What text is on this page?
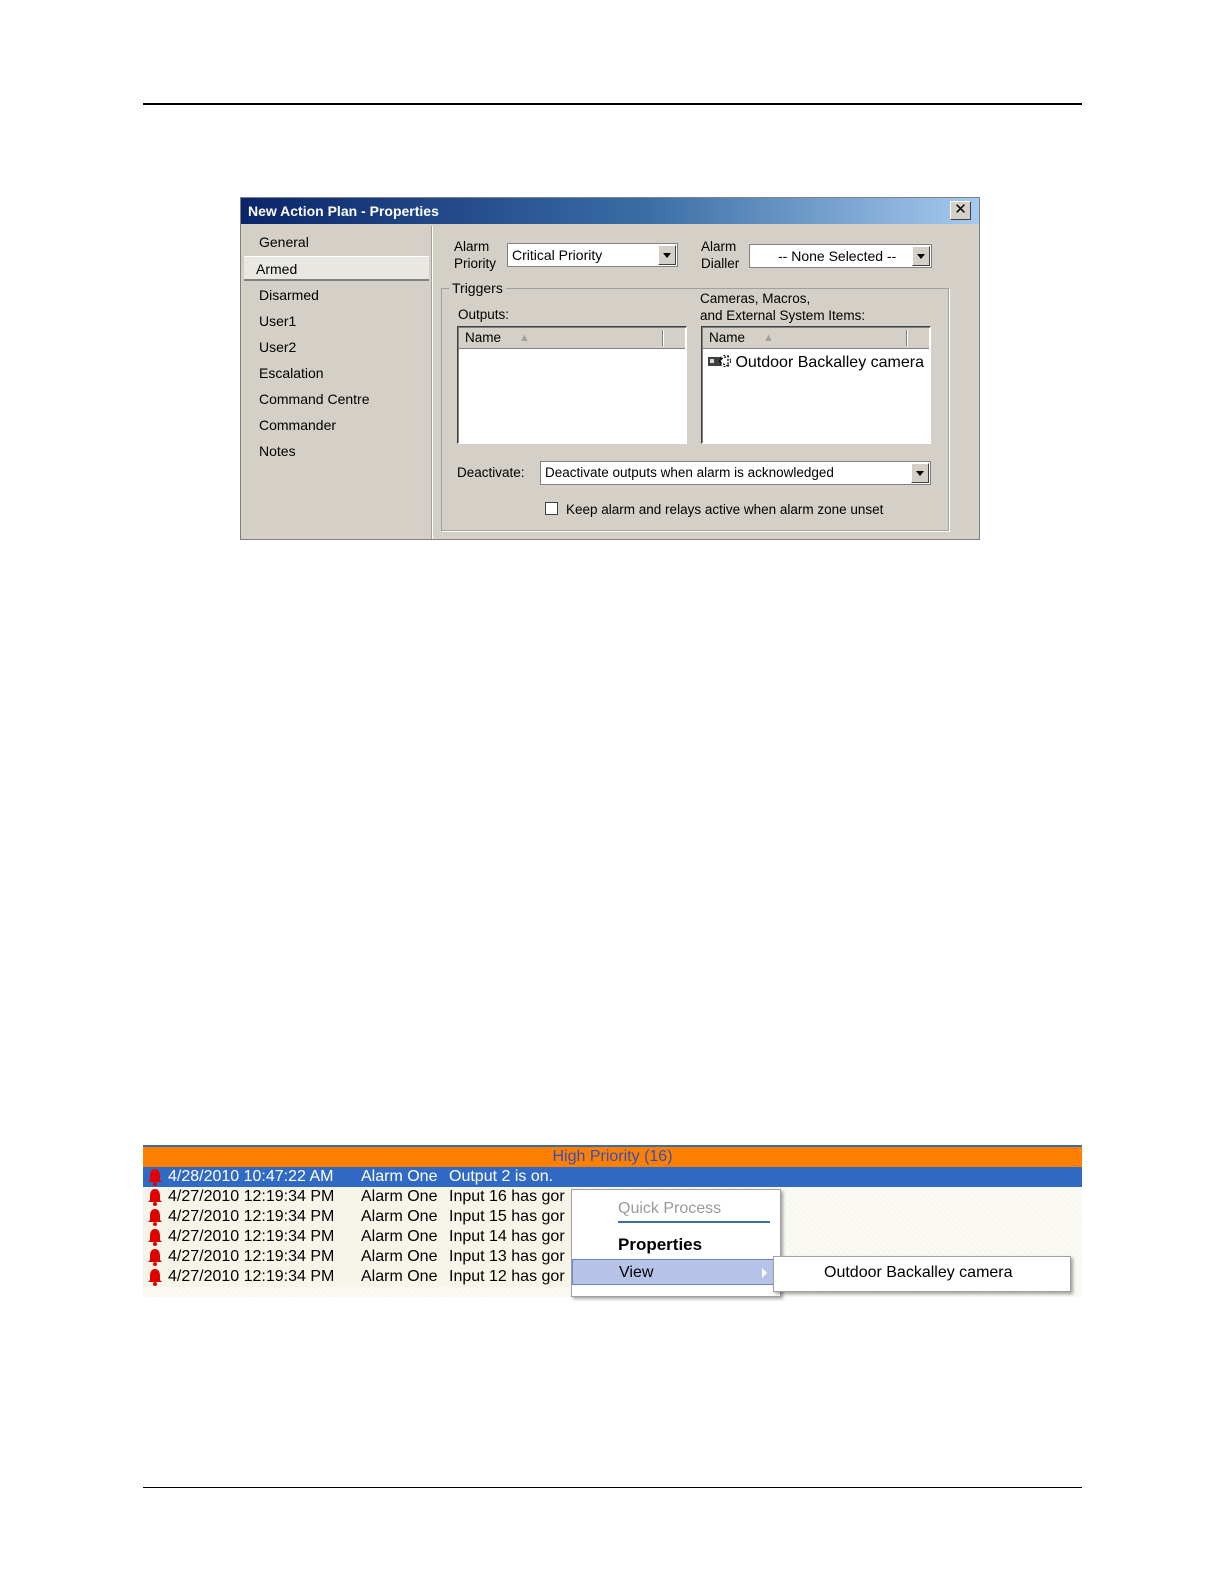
New Action Plan - Properties	✕
General
Armed
Disarmed
User1
User2
Escalation
Command Centre
Commander
Notes
Alarm
Priority
Critical Priority
Alarm
Dialler	-- None Selected --
Triggers
Outputs:
Name ▲
Cameras, Macros,
and External System Items:
Name ▲
Outdoor Backalley camera
Deactivate:	Deactivate outputs when alarm is acknowledged
Keep alarm and relays active when alarm zone unset
High Priority (16)
4/28/2010 10:47:22 AM Alarm One Output 2 is on.
4/27/2010 12:19:34 PM Alarm One Input 16 has gor
4/27/2010 12:19:34 PM Alarm One Input 15 has gor
4/27/2010 12:19:34 PM Alarm One Input 14 has gor
4/27/2010 12:19:34 PM Alarm One Input 13 has gor
4/27/2010 12:19:34 PM Alarm One Input 12 has gor
Quick Process
Properties
View	Outdoor Backalley camera
